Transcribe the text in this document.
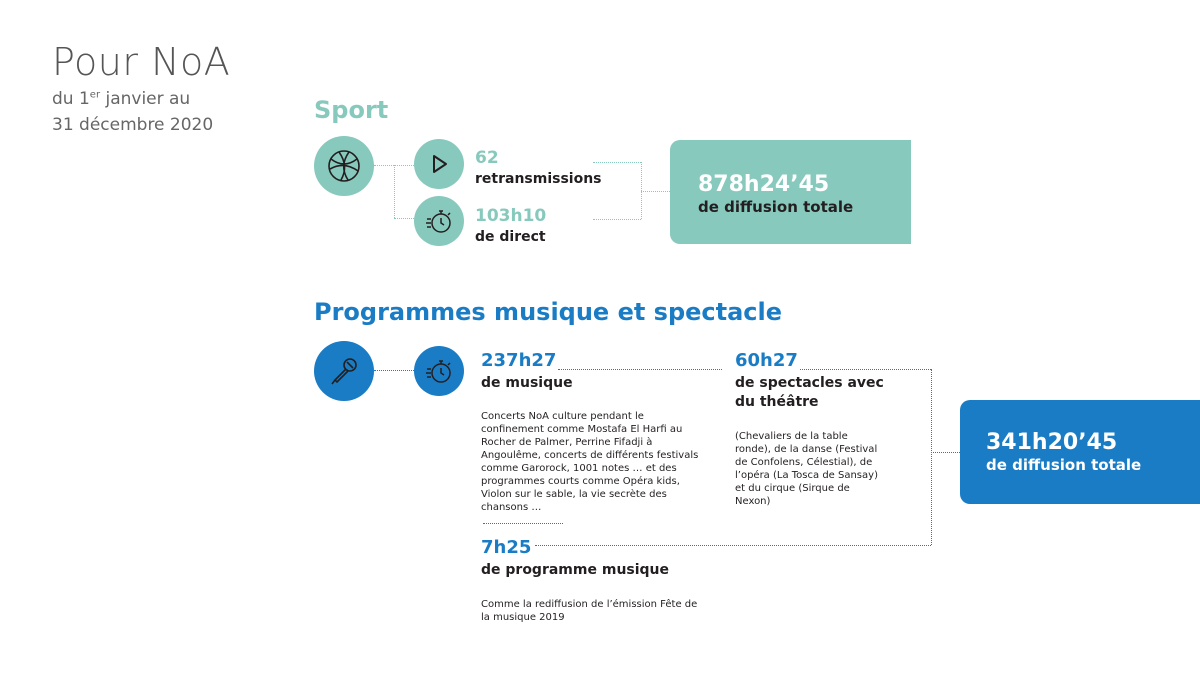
Pour NoA
du 1er janvier au
31 décembre 2020
Sport
62
retransmissions
103h10
de direct
878h24’45
de diffusion totale
Programmes musique et spectacle
237h27
de musique
Concerts NoA culture pendant le confinement comme Mostafa El Harfi au Rocher de Palmer, Perrine Fifadji à Angoulême, concerts de différents festivals comme Garorock, 1001 notes … et des programmes courts comme Opéra kids, Violon sur le sable, la vie secrète des chansons …
60h27
de spectacles avec du théâtre
(Chevaliers de la table ronde), de la danse (Festival de Confolens, Célestial), de l’opéra (La Tosca de Sansay) et du cirque (Sirque de Nexon)
7h25
de programme musique
Comme la rediffusion de l’émission Fête de la musique 2019
341h20’45
de diffusion totale
